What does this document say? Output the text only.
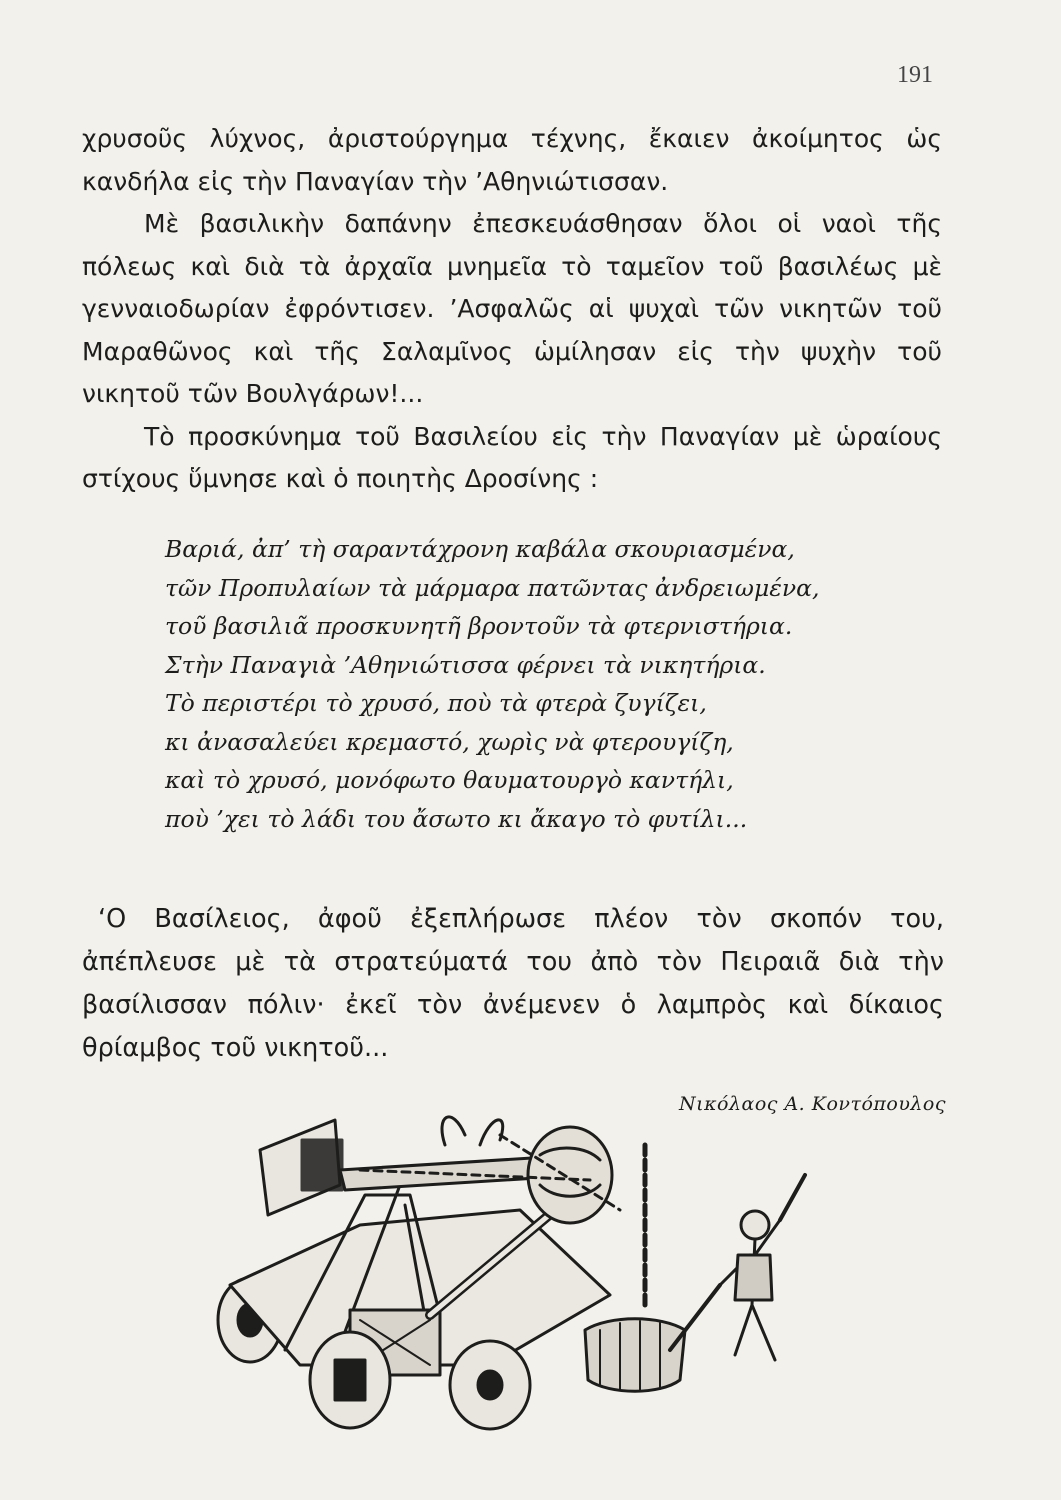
191

χρυσοῦς λύχνος, ἀριστούργημα τέχνης, ἔκαιεν ἀκοίμητος ὡς κανδήλα εἰς τὴν Παναγίαν τὴν ’Αθηνιώτισσαν.

Μὲ βασιλικὴν δαπάνην ἐπεσκευάσθησαν ὅλοι οἱ ναοὶ τῆς πόλεως καὶ διὰ τὰ ἀρχαῖα μνημεῖα τὸ ταμεῖον τοῦ βασιλέως μὲ γενναιοδωρίαν ἐφρόντισεν. ’Ασφαλῶς αἱ ψυχαὶ τῶν νικητῶν τοῦ Μαραθῶνος καὶ τῆς Σαλαμῖνος ὡμίλησαν εἰς τὴν ψυχὴν τοῦ νικητοῦ τῶν Βουλγάρων!...

Τὸ προσκύνημα τοῦ Βασιλείου εἰς τὴν Παναγίαν μὲ ὡραίους στίχους ὕμνησε καὶ ὁ ποιητὴς Δροσίνης :

Βαριά, ἀπ’ τὴ σαραντάχρονη καβάλα σκουριασμένα,
τῶν Προπυλαίων τὰ μάρμαρα πατῶντας ἀνδρειωμένα,
τοῦ βασιλιᾶ προσκυνητῆ βροντοῦν τὰ φτερνιστήρια.
Στὴν Παναγιὰ ’Αθηνιώτισσα φέρνει τὰ νικητήρια.
Τὸ περιστέρι τὸ χρυσό, ποὺ τὰ φτερὰ ζυγίζει,
κι ἀνασαλεύει κρεμαστό, χωρὶς νὰ φτερουγίζη,
καὶ τὸ χρυσό, μονόφωτο θαυματουργὸ καντήλι,
ποὺ ’χει τὸ λάδι του ἄσωτο κι ἄκαγο τὸ φυτίλι...

‘Ο Βασίλειος, ἀφοῦ ἐξεπλήρωσε πλέον τὸν σκοπόν του, ἀπέπλευσε μὲ τὰ στρατεύματά του ἀπὸ τὸν Πειραιᾶ διὰ τὴν βασίλισσαν πόλιν· ἐκεῖ τὸν ἀνέμενεν ὁ λαμπρὸς καὶ δίκαιος θρίαμβος τοῦ νικητοῦ...

Νικόλαος Α. Κοντόπουλος
